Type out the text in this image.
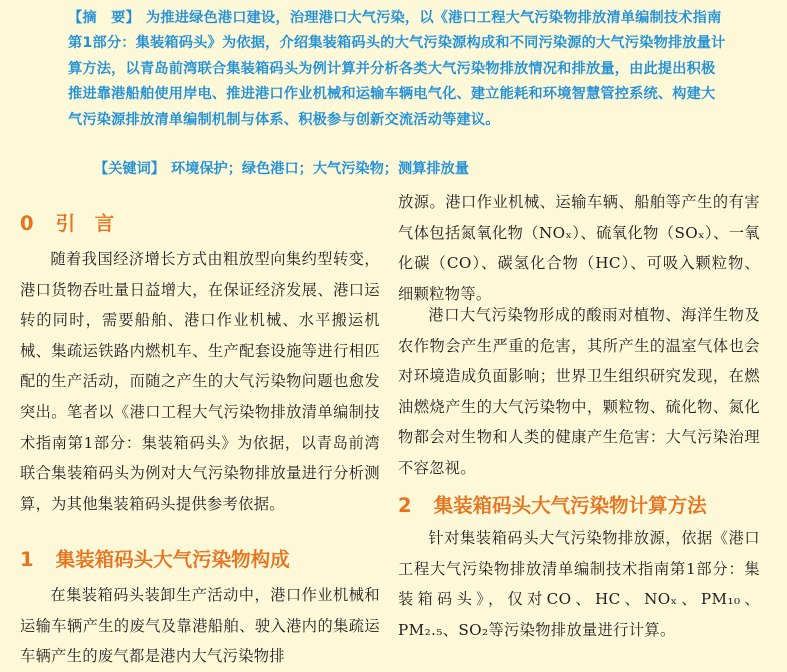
【摘　要】 为推进绿色港口建设，治理港口大气污染，以《港口工程大气污染物排放清单编制技术指南第1部分：集装箱码头》为依据，介绍集装箱码头的大气污染源构成和不同污染源的大气污染物排放量计算方法，以青岛前湾联合集装箱码头为例计算并分析各类大气污染物排放情况和排放量，由此提出积极推进靠港船舶使用岸电、推进港口作业机械和运输车辆电气化、建立能耗和环境智慧管控系统、构建大气污染源排放清单编制机制与体系、积极参与创新交流活动等建议。
【关键词】 环境保护；绿色港口；大气污染物；测算排放量
0 引　言
随着我国经济增长方式由粗放型向集约型转变，港口货物吞吐量日益增大，在保证经济发展、港口运转的同时，需要船舶、港口作业机械、水平搬运机械、集疏运铁路内燃机车、生产配套设施等进行相匹配的生产活动，而随之产生的大气污染物问题也愈发突出。笔者以《港口工程大气污染物排放清单编制技术指南第1部分：集装箱码头》为依据，以青岛前湾联合集装箱码头为例对大气污染物排放量进行分析测算，为其他集装箱码头提供参考依据。
1 集装箱码头大气污染物构成
在集装箱码头装卸生产活动中，港口作业机械和运输车辆产生的废气及靠港船舶、驶入港内的集疏运车辆产生的废气都是港内大气污染物排
放源。港口作业机械、运输车辆、船舶等产生的有害气体包括氮氧化物（NOₓ）、硫氧化物（SOₓ）、一氧化碳（CO）、碳氢化合物（HC）、可吸入颗粒物、细颗粒物等。
港口大气污染物形成的酸雨对植物、海洋生物及农作物会产生严重的危害，其所产生的温室气体也会对环境造成负面影响；世界卫生组织研究发现，在燃油燃烧产生的大气污染物中，颗粒物、硫化物、氮化物都会对生物和人类的健康产生危害：大气污染治理不容忽视。
2 集装箱码头大气污染物计算方法
针对集装箱码头大气污染物排放源，依据《港口工程大气污染物排放清单编制技术指南第1部分：集装箱码头》，仅对CO、HC、NOₓ、PM₁₀、PM₂.₅、SO₂等污染物排放量进行计算。
